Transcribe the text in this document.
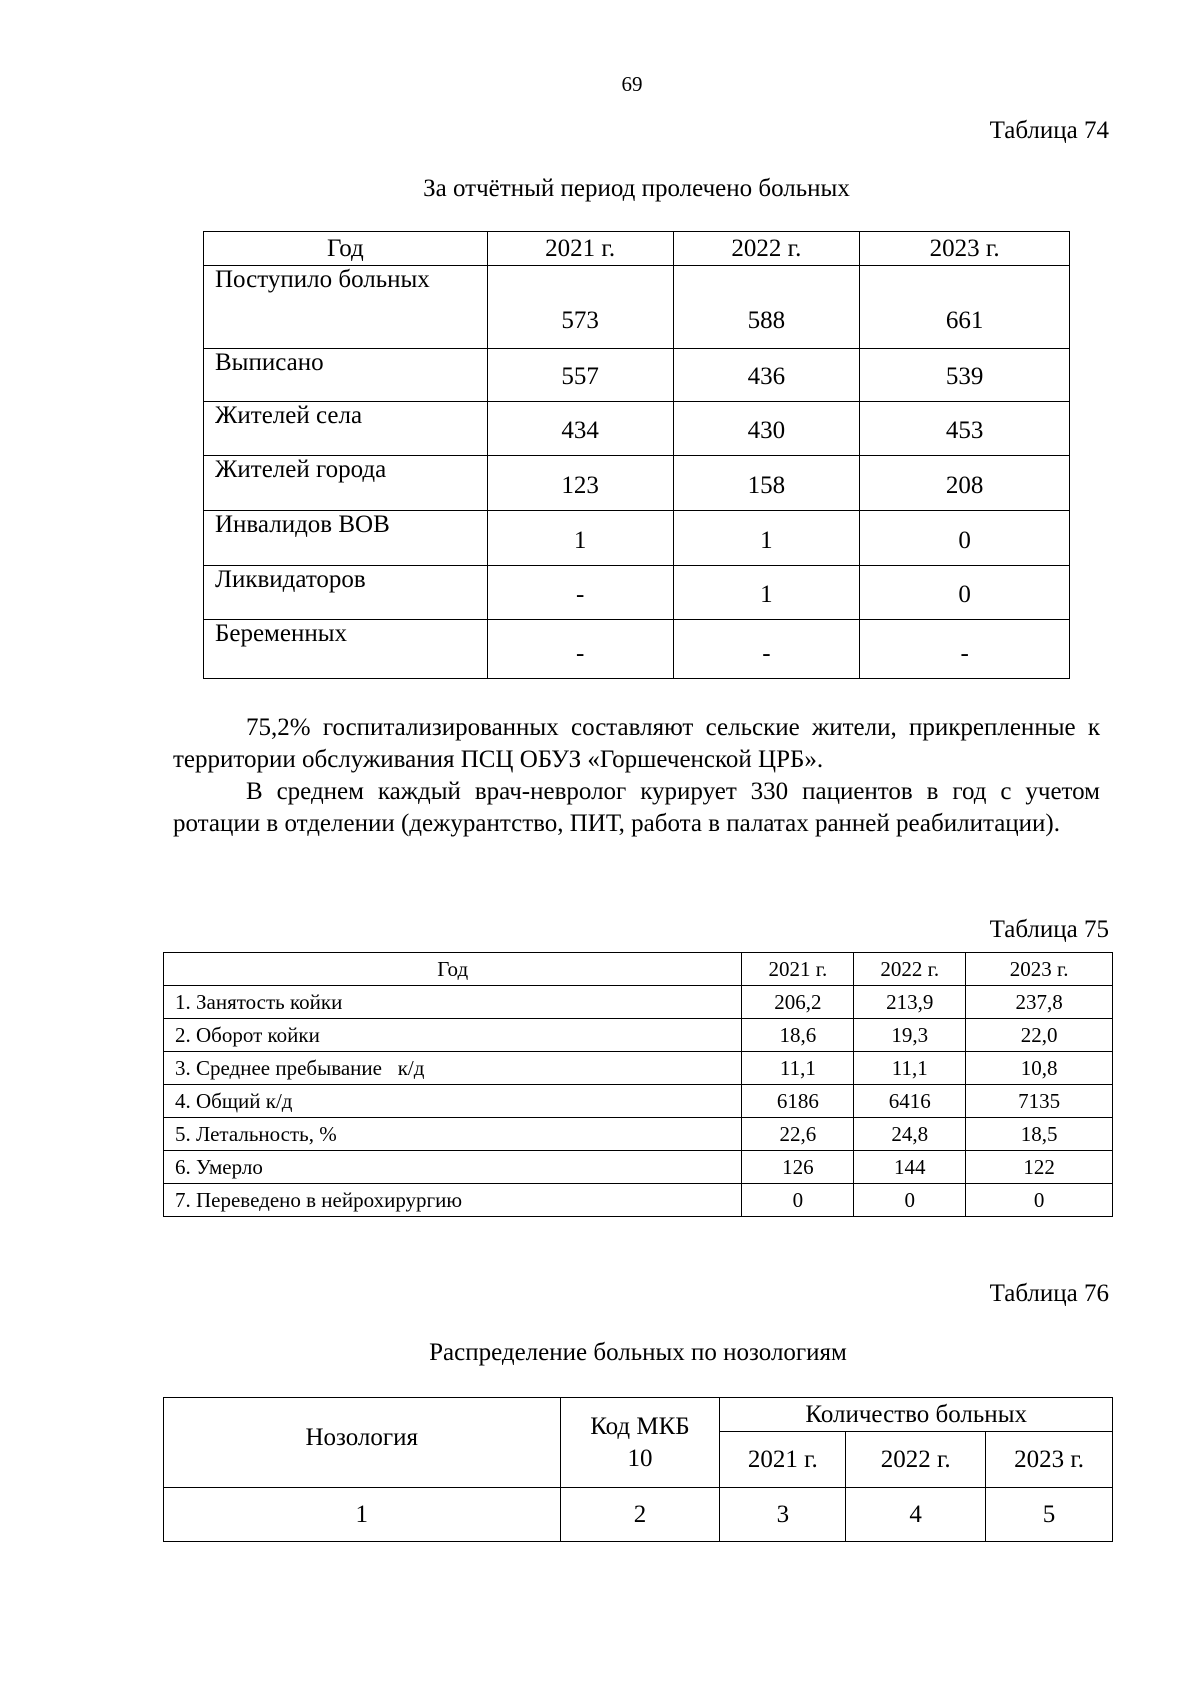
69
Таблица 74
За отчётный период пролечено больных
Год	2021 г.	2022 г.	2023 г.
Поступило больных	573	588	661
Выписано	557	436	539
Жителей села	434	430	453
Жителей города	123	158	208
Инвалидов ВОВ	1	1	0
Ликвидаторов	-	1	0
Беременных	-	-	-

75,2% госпитализированных составляют сельские жители, прикрепленные к территории обслуживания ПСЦ ОБУЗ «Горшеченской ЦРБ».

В среднем каждый врач-невролог курирует 330 пациентов в год с учетом ротации в отделении (дежурантство, ПИТ, работа в палатах ранней реабилитации).

Таблица 75
Год	2021 г.	2022 г.	2023 г.
1. Занятость койки	206,2	213,9	237,8
2. Оборот койки	18,6	19,3	22,0
3. Среднее пребывание   к/д	11,1	11,1	10,8
4. Общий к/д	6186	6416	7135
5. Летальность, %	22,6	24,8	18,5
6. Умерло	126	144	122
7. Переведено в нейрохирургию	0	0	0
Таблица 76
Распределение больных по нозологиям
Нозология	Код МКБ 10	Количество больных		
		2021 г.	2022 г.	2023 г.
1	2	3	4	5
